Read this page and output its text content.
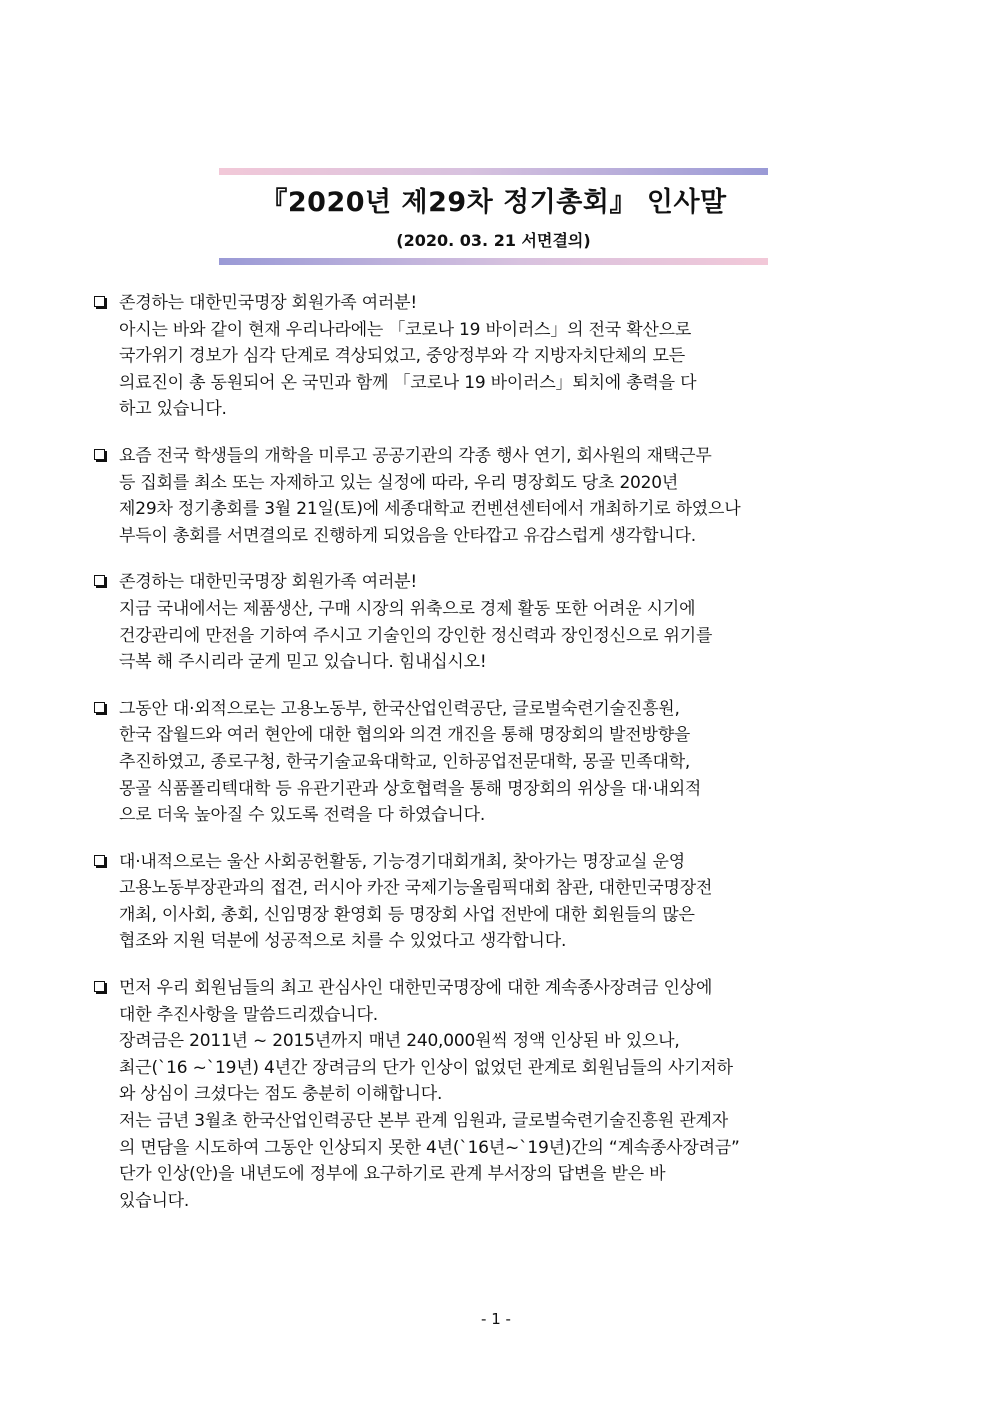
『2020년 제29차 정기총회』 인사말
(2020. 03. 21 서면결의)
존경하는 대한민국명장 회원가족 여러분!
아시는 바와 같이 현재 우리나라에는 「코로나 19 바이러스」의 전국 확산으로
국가위기 경보가 심각 단계로 격상되었고, 중앙정부와 각 지방자치단체의 모든
의료진이 총 동원되어 온 국민과 함께 「코로나 19 바이러스」퇴치에 총력을 다
하고 있습니다.
요즘 전국 학생들의 개학을 미루고 공공기관의 각종 행사 연기, 회사원의 재택근무
등 집회를 최소 또는 자제하고 있는 실정에 따라, 우리 명장회도 당초 2020년
제29차 정기총회를 3월 21일(토)에 세종대학교 컨벤션센터에서 개최하기로 하였으나
부득이 총회를 서면결의로 진행하게 되었음을 안타깝고 유감스럽게 생각합니다.
존경하는 대한민국명장 회원가족 여러분!
지금 국내에서는 제품생산, 구매 시장의 위축으로 경제 활동 또한 어려운 시기에
건강관리에 만전을 기하여 주시고 기술인의 강인한 정신력과 장인정신으로 위기를
극복 해 주시리라 굳게 믿고 있습니다. 힘내십시오!
그동안 대·외적으로는 고용노동부, 한국산업인력공단, 글로벌숙련기술진흥원,
한국 잡월드와 여러 현안에 대한 협의와 의견 개진을 통해 명장회의 발전방향을
추진하였고, 종로구청, 한국기술교육대학교, 인하공업전문대학, 몽골 민족대학,
몽골 식품폴리텍대학 등 유관기관과 상호협력을 통해 명장회의 위상을 대·내외적
으로 더욱 높아질 수 있도록 전력을 다 하였습니다.
대·내적으로는 울산 사회공헌활동, 기능경기대회개최, 찾아가는 명장교실 운영
고용노동부장관과의 접견, 러시아 카잔 국제기능올림픽대회 참관, 대한민국명장전
개최, 이사회, 총회, 신임명장 환영회 등 명장회 사업 전반에 대한 회원들의 많은
협조와 지원 덕분에 성공적으로 치를 수 있었다고 생각합니다.
먼저 우리 회원님들의 최고 관심사인 대한민국명장에 대한 계속종사장려금 인상에
대한 추진사항을 말씀드리겠습니다.
장려금은 2011년 ~ 2015년까지 매년 240,000원씩 정액 인상된 바 있으나,
최근(`16 ~`19년) 4년간 장려금의 단가 인상이 없었던 관계로 회원님들의 사기저하
와 상심이 크셨다는 점도 충분히 이해합니다.
저는 금년 3월초 한국산업인력공단 본부 관계 임원과, 글로벌숙련기술진흥원 관계자
의 면담을 시도하여 그동안 인상되지 못한 4년(`16년~`19년)간의 “계속종사장려금”
단가 인상(안)을 내년도에 정부에 요구하기로 관계 부서장의 답변을 받은 바
있습니다.
- 1 -
